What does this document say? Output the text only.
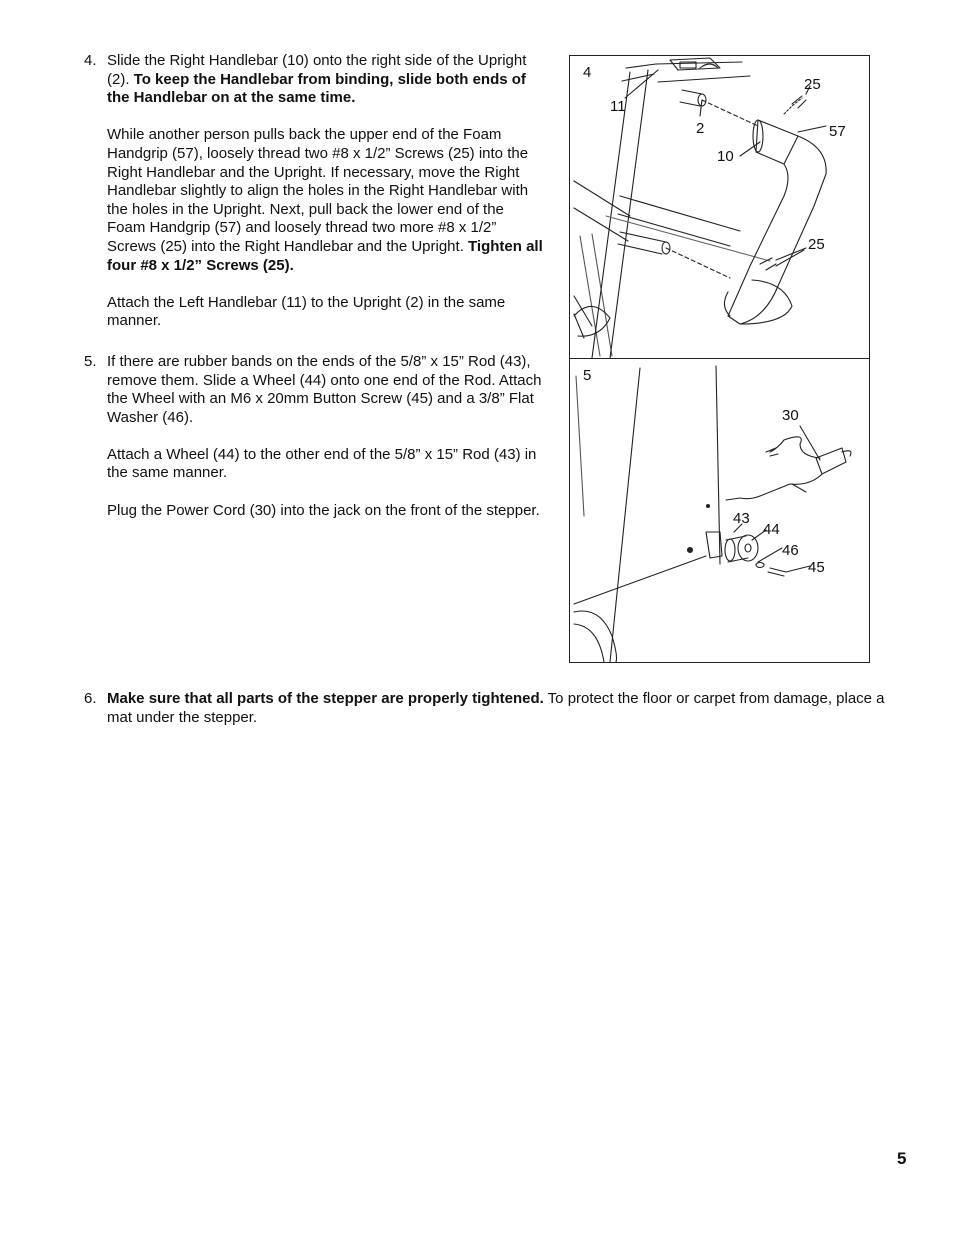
4. Slide the Right Handlebar (10) onto the right side of the Upright (2). To keep the Handlebar from binding, slide both ends of the Handlebar on at the same time.

While another person pulls back the upper end of the Foam Handgrip (57), loosely thread two #8 x 1/2” Screws (25) into the Right Handlebar and the Upright. If necessary, move the Right Handlebar slightly to align the holes in the Right Handlebar with the holes in the Upright. Next, pull back the lower end of the Foam Handgrip (57) and loosely thread two more #8 x 1/2” Screws (25) into the Right Handlebar and the Upright. Tighten all four #8 x 1/2” Screws (25).

Attach the Left Handlebar (11) to the Upright (2) in the same manner.

5. If there are rubber bands on the ends of the 5/8” x 15” Rod (43), remove them. Slide a Wheel (44) onto one end of the Rod. Attach the Wheel with an M6 x 20mm Button Screw (45) and a 3/8” Flat Washer (46).

Attach a Wheel (44) to the other end of the 5/8” x 15” Rod (43) in the same manner.

Plug the Power Cord (30) into the jack on the front of the stepper.

4
5
11
2
25
57
10
25
30
43
44
46
45
6. Make sure that all parts of the stepper are properly tightened. To protect the floor or carpet from damage, place a mat under the stepper.

5
